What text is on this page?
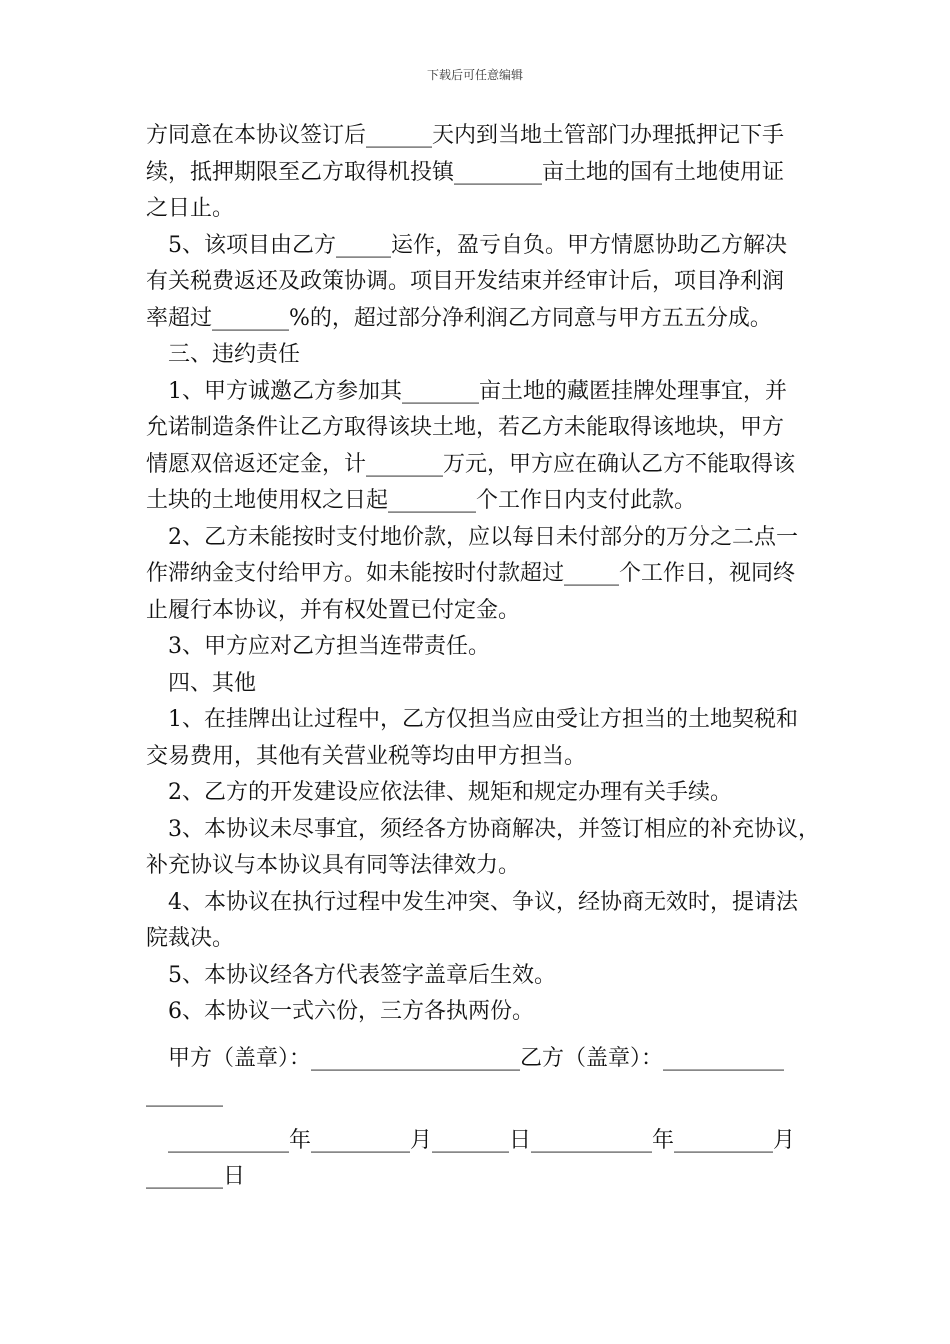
下载后可任意编辑
方同意在本协议签订后______天内到当地土管部门办理抵押记下手
续，抵押期限至乙方取得机投镇________亩土地的国有土地使用证
之日止。
5、该项目由乙方_____运作，盈亏自负。甲方情愿协助乙方解决
有关税费返还及政策协调。项目开发结束并经审计后，项目净利润
率超过_______%的，超过部分净利润乙方同意与甲方五五分成。
三、违约责任
1、甲方诚邀乙方参加其_______亩土地的藏匿挂牌处理事宜，并
允诺制造条件让乙方取得该块土地，若乙方未能取得该地块，甲方
情愿双倍返还定金，计_______万元，甲方应在确认乙方不能取得该
土块的土地使用权之日起________个工作日内支付此款。
2、乙方未能按时支付地价款，应以每日未付部分的万分之二点一
作滞纳金支付给甲方。如未能按时付款超过_____个工作日，视同终
止履行本协议，并有权处置已付定金。
3、甲方应对乙方担当连带责任。
四、其他
1、在挂牌出让过程中，乙方仅担当应由受让方担当的土地契税和
交易费用，其他有关营业税等均由甲方担当。
2、乙方的开发建设应依法律、规矩和规定办理有关手续。
3、本协议未尽事宜，须经各方协商解决，并签订相应的补充协议，
补充协议与本协议具有同等法律效力。
4、本协议在执行过程中发生冲突、争议，经协商无效时，提请法
院裁决。
5、本协议经各方代表签字盖章后生效。
6、本协议一式六份，三方各执两份。
甲方（盖章）：___________________乙方（盖章）：___________
_______
___________年_________月_______日___________年_________月
_______日
